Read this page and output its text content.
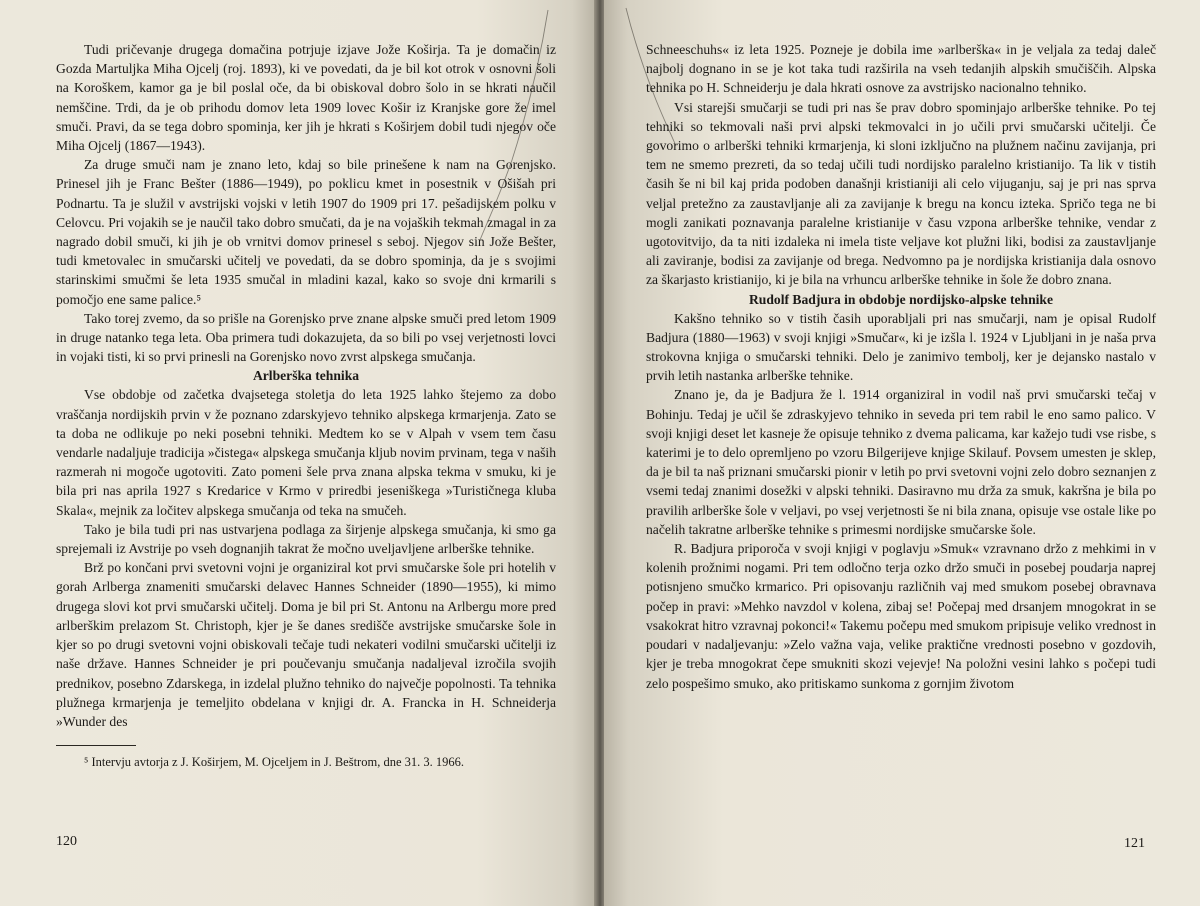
Tudi pričevanje drugega domačina potrjuje izjave Jože Koširja. Ta je domačin iz Gozda Martuljka Miha Ojcelj (roj. 1893), ki ve povedati, da je bil kot otrok v osnovni šoli na Koroškem, kamor ga je bil poslal oče, da bi obiskoval dobro šolo in se hkrati naučil nemščine. Trdi, da je ob prihodu domov leta 1909 lovec Košir iz Kranjske gore že imel smuči. Pravi, da se tega dobro spominja, ker jih je hkrati s Koširjem dobil tudi njegov oče Miha Ojcelj (1867—1943).

Za druge smuči nam je znano leto, kdaj so bile prinešene k nam na Gorenjsko. Prinesel jih je Franc Bešter (1886—1949), po poklicu kmet in posestnik v Ošišah pri Podnartu. Ta je služil v avstrijski vojski v letih 1907 do 1909 pri 17. pešadijskem polku v Celovcu. Pri vojakih se je naučil tako dobro smučati, da je na vojaških tekmah zmagal in za nagrado dobil smuči, ki jih je ob vrnitvi domov prinesel s seboj. Njegov sin Jože Bešter, tudi kmetovalec in smučarski učitelj ve povedati, da se dobro spominja, da je s svojimi starinskimi smučmi še leta 1935 smučal in mladini kazal, kako so svoje dni krmarili s pomočjo ene same palice.⁵

Tako torej zvemo, da so prišle na Gorenjsko prve znane alpske smuči pred letom 1909 in druge natanko tega leta. Oba primera tudi dokazujeta, da so bili po vsej verjetnosti lovci in vojaki tisti, ki so prvi prinesli na Gorenjsko novo zvrst alpskega smučanja.

Arlberška tehnika

Vse obdobje od začetka dvajsetega stoletja do leta 1925 lahko štejemo za dobo vraščanja nordijskih prvin v že poznano zdarskyjevo tehniko alpskega krmarjenja. Zato se ta doba ne odlikuje po neki posebni tehniki. Medtem ko se v Alpah v vsem tem času vendarle nadaljuje tradicija »čistega« alpskega smučanja kljub novim prvinam, tega v naših razmerah ni mogoče ugotoviti. Zato pomeni šele prva znana alpska tekma v smuku, ki je bila pri nas aprila 1927 s Kredarice v Krmo v priredbi jeseniškega »Turističnega kluba Skala«, mejnik za ločitev alpskega smučanja od teka na smučeh.

Tako je bila tudi pri nas ustvarjena podlaga za širjenje alpskega smučanja, ki smo ga sprejemali iz Avstrije po vseh dognanjih takrat že močno uveljavljene arlberške tehnike.

Brž po končani prvi svetovni vojni je organiziral kot prvi smučarske šole pri hotelih v gorah Arlberga znameniti smučarski delavec Hannes Schneider (1890—1955), ki mimo drugega slovi kot prvi smučarski učitelj. Doma je bil pri St. Antonu na Arlbergu more pred arlberškim prelazom St. Christoph, kjer je še danes središče avstrijske smučarske šole in kjer so po drugi svetovni vojni obiskovali tečaje tudi nekateri vodilni smučarski učitelji iz naše države. Hannes Schneider je pri poučevanju smučanja nadaljeval izročila svojih prednikov, posebno Zdarskega, in izdelal plužno tehniko do največje popolnosti. Ta tehnika plužnega krmarjenja je temeljito obdelana v knjigi dr. A. Francka in H. Schneiderja »Wunder des

⁵ Intervju avtorja z J. Koširjem, M. Ojceljem in J. Beštrom, dne 31. 3. 1966.

120

Schneeschuhs« iz leta 1925. Pozneje je dobila ime »arlberška« in je veljala za tedaj daleč najbolj dognano in se je kot taka tudi razširila na vseh tedanjih alpskih smučiščih. Alpska tehnika po H. Schneiderju je dala hkrati osnove za avstrijsko nacionalno tehniko.

Vsi starejši smučarji se tudi pri nas še prav dobro spominjajo arlberške tehnike. Po tej tehniki so tekmovali naši prvi alpski tekmovalci in jo učili prvi smučarski učitelji. Če govorimo o arlberški tehniki krmarjenja, ki sloni izključno na plužnem načinu zavijanja, pri tem ne smemo prezreti, da so tedaj učili tudi nordijsko paralelno kristianijo. Ta lik v tistih časih še ni bil kaj prida podoben današnji kristianiji ali celo vijuganju, saj je pri nas sprva veljal pretežno za zaustavljanje ali za zavijanje k bregu na koncu izteka. Spričo tega ne bi mogli zanikati poznavanja paralelne kristianije v času vzpona arlberške tehnike, vendar z ugotovitvijo, da ta niti izdaleka ni imela tiste veljave kot plužni liki, bodisi za zaustavljanje ali zaviranje, bodisi za zavijanje od brega. Nedvomno pa je nordijska kristianija dala osnovo za škarjasto kristianijo, ki je bila na vrhuncu arlberške tehnike in šole že dobro znana.

Rudolf Badjura in obdobje nordijsko-alpske tehnike

Kakšno tehniko so v tistih časih uporabljali pri nas smučarji, nam je opisal Rudolf Badjura (1880—1963) v svoji knjigi »Smučar«, ki je izšla l. 1924 v Ljubljani in je naša prva strokovna knjiga o smučarski tehniki. Delo je zanimivo tembolj, ker je dejansko nastalo v prvih letih nastanka arlberške tehnike.

Znano je, da je Badjura že l. 1914 organiziral in vodil naš prvi smučarski tečaj v Bohinju. Tedaj je učil še zdraskyjevo tehniko in seveda pri tem rabil le eno samo palico. V svoji knjigi deset let kasneje že opisuje tehniko z dvema palicama, kar kažejo tudi vse risbe, s katerimi je to delo opremljeno po vzoru Bilgerijeve knjige Skilauf. Povsem umesten je sklep, da je bil ta naš priznani smučarski pionir v letih po prvi svetovni vojni zelo dobro seznanjen z vsemi tedaj znanimi dosežki v alpski tehniki. Dasiravno mu drža za smuk, kakršna je bila po pravilih arlberške šole v veljavi, po vsej verjetnosti še ni bila znana, opisuje vse ostale like po načelih takratne arlberške tehnike s primesmi nordijske smučarske šole.

R. Badjura priporoča v svoji knjigi v poglavju »Smuk« vzravnano držo z mehkimi in v kolenih prožnimi nogami. Pri tem odločno terja ozko držo smuči in posebej poudarja naprej potisnjeno smučko krmarico. Pri opisovanju različnih vaj med smukom posebej obravnava počep in pravi: »Mehko navzdol v kolena, zibaj se! Počepaj med drsanjem mnogokrat in se vsakokrat hitro vzravnaj pokonci!« Takemu počepu med smukom pripisuje veliko vrednost in poudari v nadaljevanju: »Zelo važna vaja, velike praktične vrednosti posebno v gozdovih, kjer je treba mnogokrat čepe smukniti skozi vejevje! Na položni vesini lahko s počepi tudi zelo pospešimo smuko, ako pritiskamo sunkoma z gornjim životom

121
